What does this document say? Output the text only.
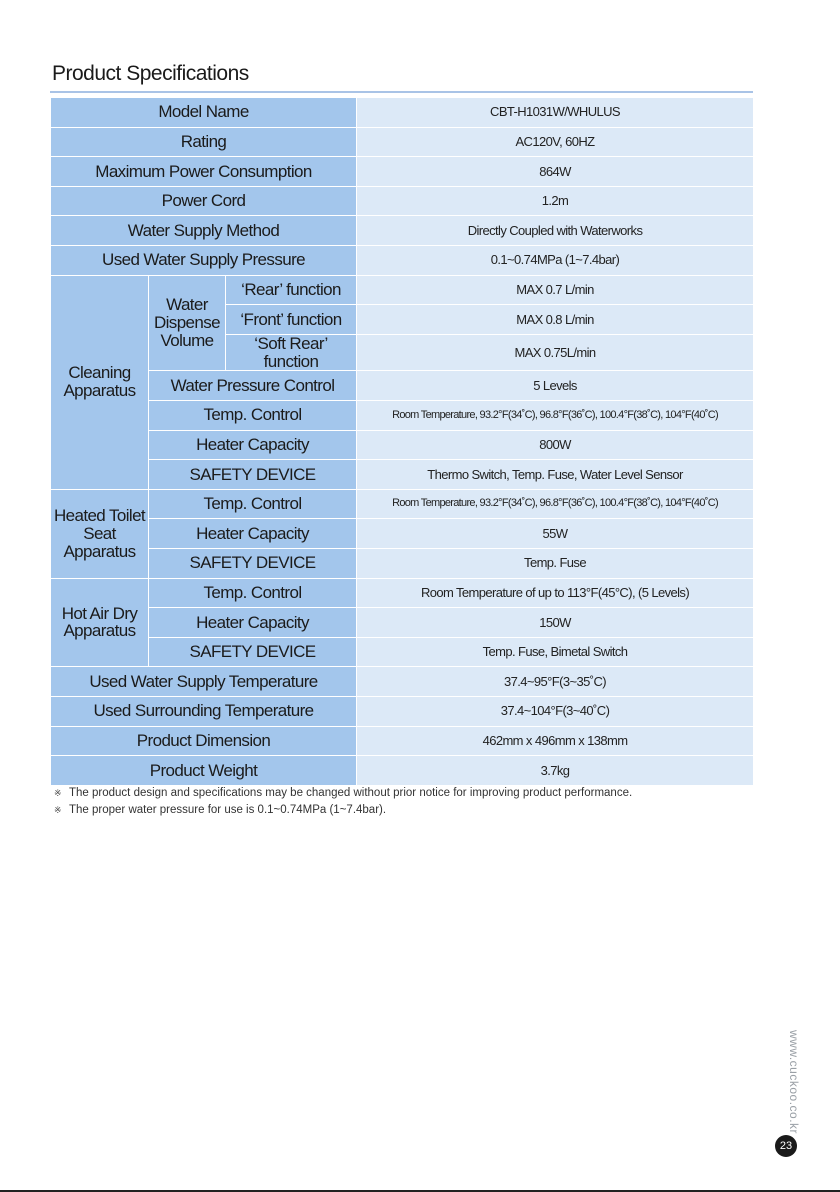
Product Specifications
Model Name			CBT-H1031W/WHULUS
Rating			AC120V, 60HZ
Maximum Power Consumption			864W
Power Cord			1.2m
Water Supply Method			Directly Coupled with Waterworks
Used Water Supply Pressure			0.1~0.74MPa (1~7.4bar)
Cleaning Apparatus	Water Dispense Volume	‘Rear’ function	MAX 0.7 L/min
		‘Front’ function	MAX 0.8 L/min
		‘Soft Rear’ function	MAX 0.75L/min
	Water Pressure Control		5 Levels
	Temp. Control		Room Temperature, 93.2°F(34˚C), 96.8°F(36˚C), 100.4°F(38˚C), 104°F(40˚C)
	Heater Capacity		800W
	SAFETY DEVICE		Thermo Switch, Temp. Fuse, Water Level Sensor
Heated Toilet Seat Apparatus	Temp. Control		Room Temperature, 93.2°F(34˚C), 96.8°F(36˚C), 100.4°F(38˚C), 104°F(40˚C)
	Heater Capacity		55W
	SAFETY DEVICE		Temp. Fuse
Hot Air Dry Apparatus	Temp. Control		Room Temperature of up to 113°F(45°C), (5 Levels)
	Heater Capacity		150W
	SAFETY DEVICE		Temp. Fuse, Bimetal Switch
Used Water Supply Temperature			37.4~95°F(3~35˚C)
Used Surrounding Temperature			37.4~104°F(3~40˚C)
Product Dimension			462mm x 496mm x 138mm
Product Weight			3.7kg
※ The product design and specifications may be changed without prior notice for improving product performance.
※ The proper water pressure for use is 0.1~0.74MPa (1~7.4bar).
www.cuckoo.co.kr
23
